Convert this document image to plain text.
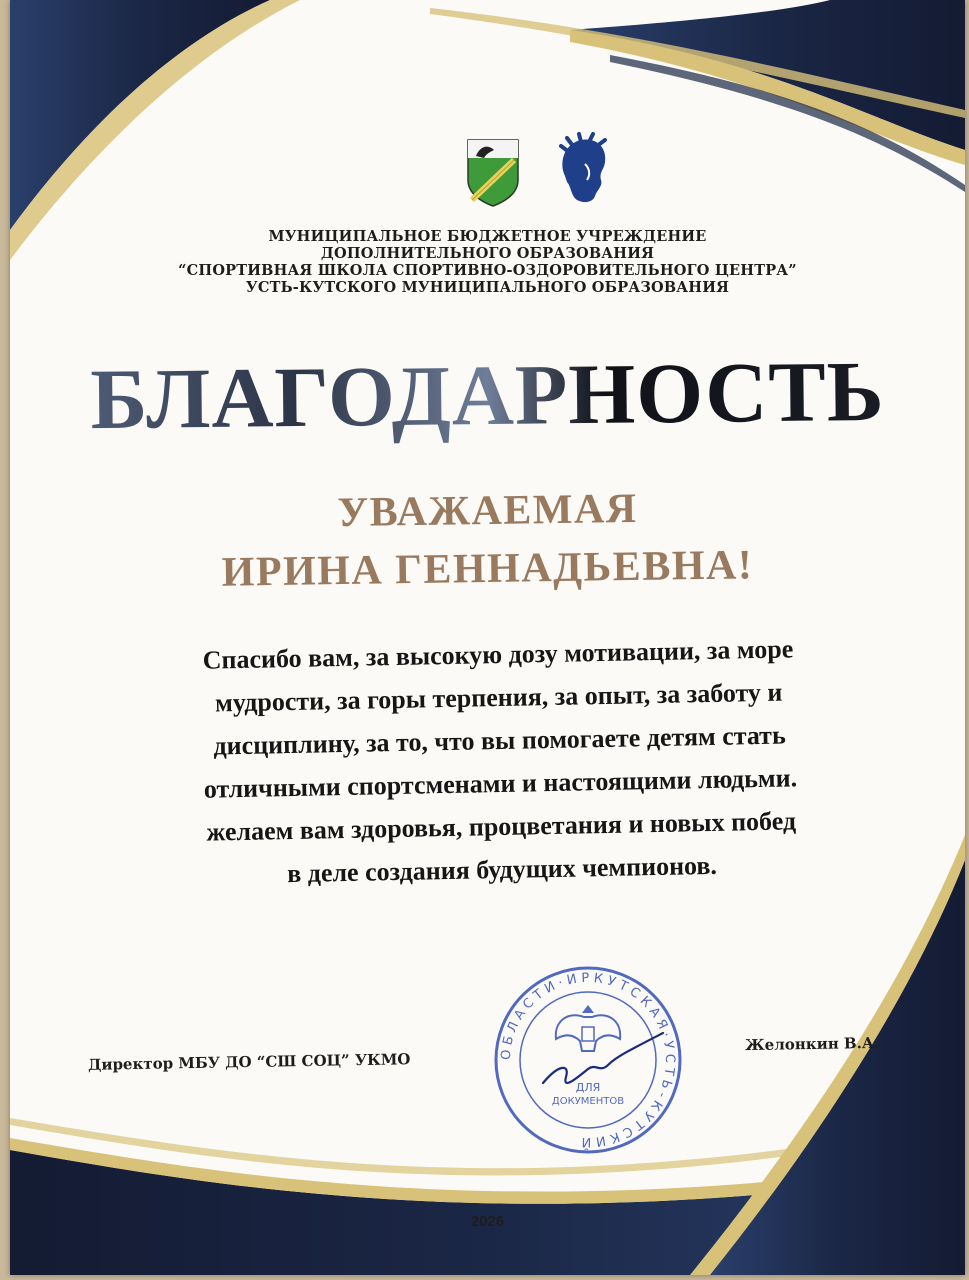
МУНИЦИПАЛЬНОЕ БЮДЖЕТНОЕ УЧРЕЖДЕНИЕ
ДОПОЛНИТЕЛЬНОГО ОБРАЗОВАНИЯ
“СПОРТИВНАЯ ШКОЛА СПОРТИВНО-ОЗДОРОВИТЕЛЬНОГО ЦЕНТРА”
УСТЬ-КУТСКОГО МУНИЦИПАЛЬНОГО ОБРАЗОВАНИЯ
БЛАГОДАРНОСТЬ
УВАЖАЕМАЯ
ИРИНА ГЕННАДЬЕВНА!
Спасибо вам, за высокую дозу мотивации, за море
мудрости, за горы терпения, за опыт, за заботу и
дисциплину, за то, что вы помогаете детям стать
отличными спортсменами и настоящими людьми.
желаем вам здоровья, процветания и новых побед
в деле создания будущих чемпионов.
О Б Л А С Т И · И Р К У Т С К А Я · У С Т Ь - К У Т С К И Й
ДЛЯ
ДОКУМЕНТОВ
Директор МБУ ДО “СШ СОЦ” УКМО
Желонкин В.А.
2026
